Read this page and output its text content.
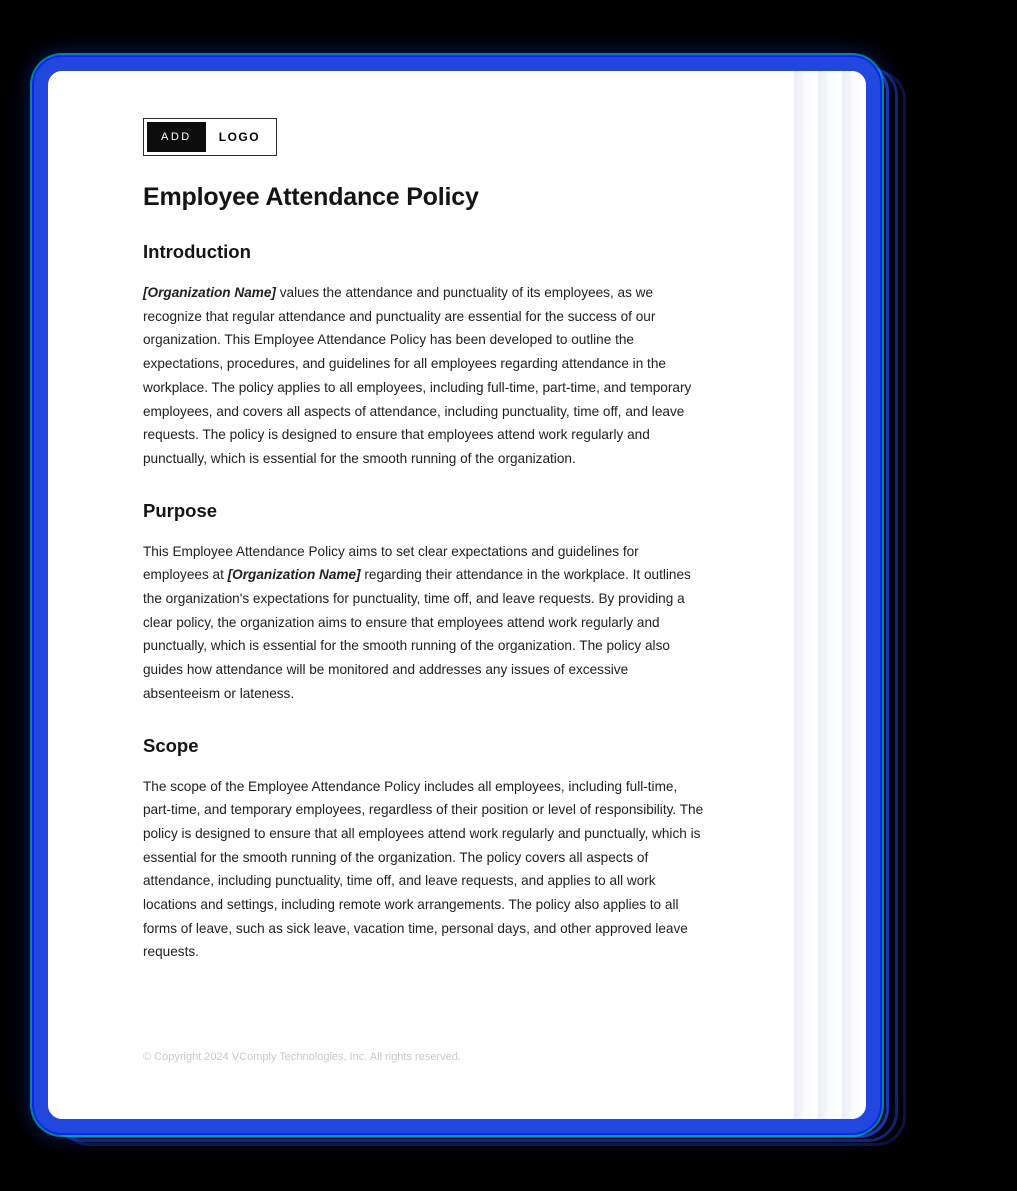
ADD	LOGO
Employee Attendance Policy
Introduction

[Organization Name] values the attendance and punctuality of its employees, as we recognize that regular attendance and punctuality are essential for the success of our organization. This Employee Attendance Policy has been developed to outline the expectations, procedures, and guidelines for all employees regarding attendance in the workplace. The policy applies to all employees, including full-time, part-time, and temporary employees, and covers all aspects of attendance, including punctuality, time off, and leave requests. The policy is designed to ensure that employees attend work regularly and punctually, which is essential for the smooth running of the organization.

Purpose

This Employee Attendance Policy aims to set clear expectations and guidelines for employees at [Organization Name] regarding their attendance in the workplace. It outlines the organization's expectations for punctuality, time off, and leave requests. By providing a clear policy, the organization aims to ensure that employees attend work regularly and punctually, which is essential for the smooth running of the organization. The policy also guides how attendance will be monitored and addresses any issues of excessive absenteeism or lateness.

Scope

The scope of the Employee Attendance Policy includes all employees, including full-time, part-time, and temporary employees, regardless of their position or level of responsibility. The policy is designed to ensure that all employees attend work regularly and punctually, which is essential for the smooth running of the organization. The policy covers all aspects of attendance, including punctuality, time off, and leave requests, and applies to all work locations and settings, including remote work arrangements. The policy also applies to all forms of leave, such as sick leave, vacation time, personal days, and other approved leave requests.

© Copyright 2024 VComply Technologies, Inc. All rights reserved.
